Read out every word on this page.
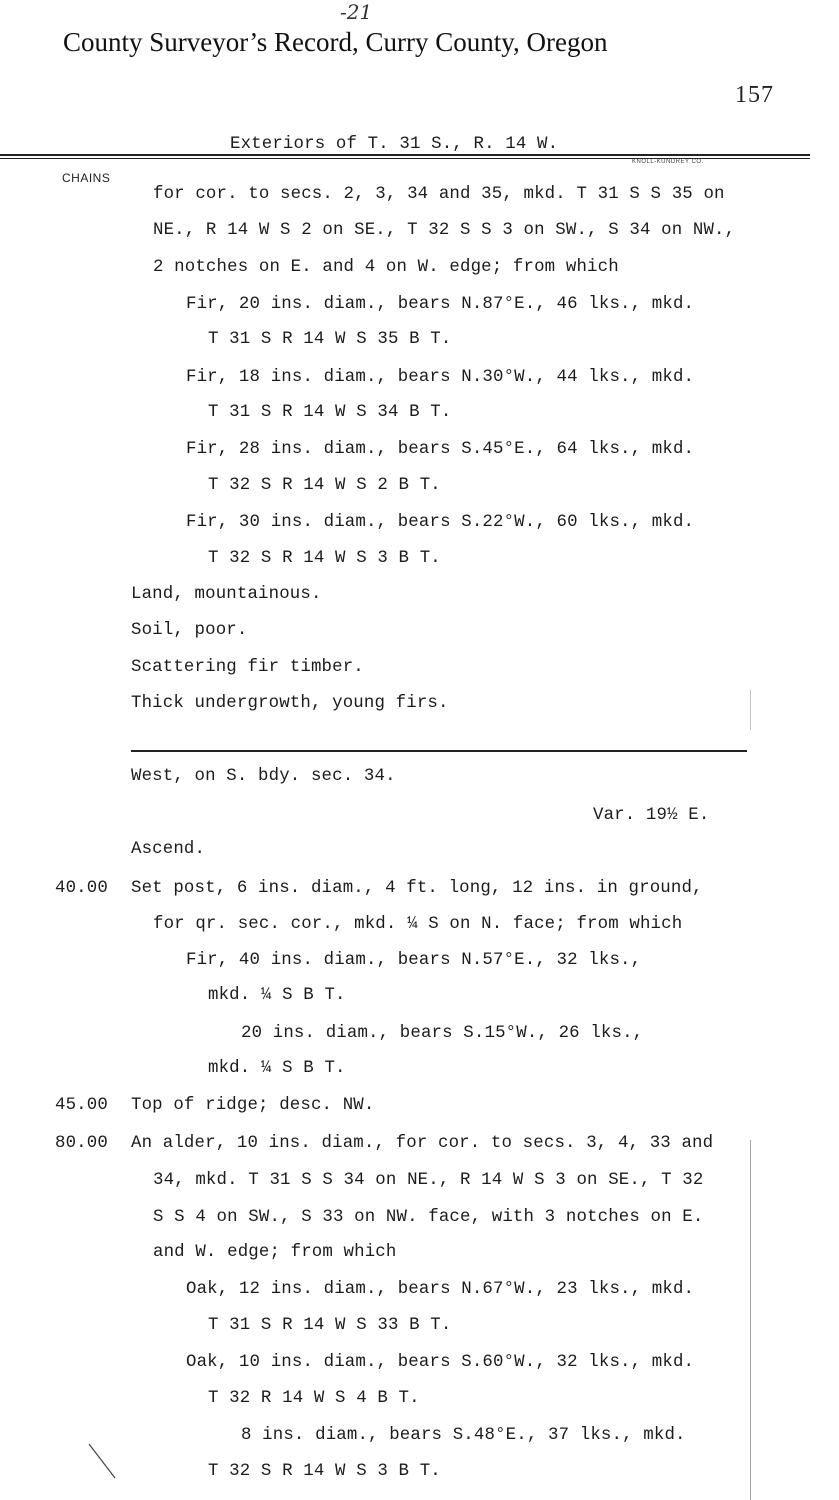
-21
County Surveyor’s Record, Curry County, Oregon
157
Exteriors of T. 31 S., R. 14 W.
KNOLL-KUNDREY CO.
CHAINS
for cor. to secs. 2, 3, 34 and 35, mkd. T 31 S S 35 on
NE., R 14 W S 2 on SE., T 32 S S 3 on SW., S 34 on NW.,
2 notches on E. and 4 on W. edge; from which
Fir, 20 ins. diam., bears N.87°E., 46 lks., mkd.
T 31 S R 14 W S 35 B T.
Fir, 18 ins. diam., bears N.30°W., 44 lks., mkd.
T 31 S R 14 W S 34 B T.
Fir, 28 ins. diam., bears S.45°E., 64 lks., mkd.
T 32 S R 14 W S 2 B T.
Fir, 30 ins. diam., bears S.22°W., 60 lks., mkd.
T 32 S R 14 W S 3 B T.
Land, mountainous.
Soil, poor.
Scattering fir timber.
Thick undergrowth, young firs.
West, on S. bdy. sec. 34.
Var. 19½ E.
Ascend.
40.00 Set post, 6 ins. diam., 4 ft. long, 12 ins. in ground,
for qr. sec. cor., mkd. ¼ S on N. face; from which
Fir, 40 ins. diam., bears N.57°E., 32 lks.,
mkd. ¼ S B T.
20 ins. diam., bears S.15°W., 26 lks.,
mkd. ¼ S B T.
45.00 Top of ridge; desc. NW.
80.00 An alder, 10 ins. diam., for cor. to secs. 3, 4, 33 and
34, mkd. T 31 S S 34 on NE., R 14 W S 3 on SE., T 32
S S 4 on SW., S 33 on NW. face, with 3 notches on E.
and W. edge; from which
Oak, 12 ins. diam., bears N.67°W., 23 lks., mkd.
T 31 S R 14 W S 33 B T.
Oak, 10 ins. diam., bears S.60°W., 32 lks., mkd.
T 32 R 14 W S 4 B T.
8 ins. diam., bears S.48°E., 37 lks., mkd.
T 32 S R 14 W S 3 B T.
